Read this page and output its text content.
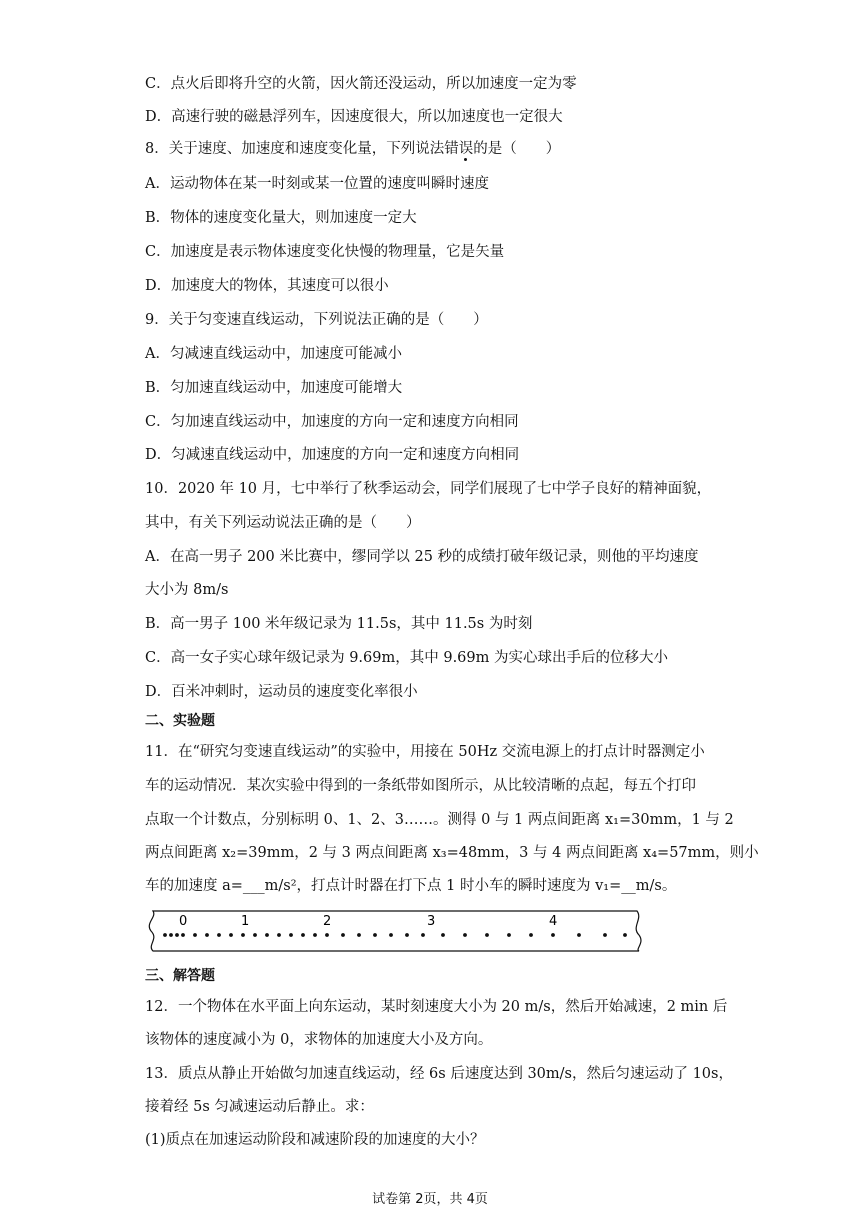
C．点火后即将升空的火箭，因火箭还没运动，所以加速度一定为零
D．高速行驶的磁悬浮列车，因速度很大，所以加速度也一定很大
8．关于速度、加速度和速度变化量，下列说法错误的是（　　）
A．运动物体在某一时刻或某一位置的速度叫瞬时速度
B．物体的速度变化量大，则加速度一定大
C．加速度是表示物体速度变化快慢的物理量，它是矢量
D．加速度大的物体，其速度可以很小
9．关于匀变速直线运动，下列说法正确的是（　　）
A．匀减速直线运动中，加速度可能减小
B．匀加速直线运动中，加速度可能增大
C．匀加速直线运动中，加速度的方向一定和速度方向相同
D．匀减速直线运动中，加速度的方向一定和速度方向相同
10．2020 年 10 月，七中举行了秋季运动会，同学们展现了七中学子良好的精神面貌，
其中，有关下列运动说法正确的是（　　）
A．在高一男子 200 米比赛中，缪同学以 25 秒的成绩打破年级记录，则他的平均速度
大小为 8m/s
B．高一男子 100 米年级记录为 11.5s，其中 11.5s 为时刻
C．高一女子实心球年级记录为 9.69m，其中 9.69m 为实心球出手后的位移大小
D．百米冲刺时，运动员的速度变化率很小
二、实验题
11．在“研究匀变速直线运动”的实验中，用接在 50Hz 交流电源上的打点计时器测定小
车的运动情况．某次实验中得到的一条纸带如图所示，从比较清晰的点起，每五个打印
点取一个计数点，分别标明 0、1、2、3……。测得 0 与 1 两点间距离 x₁=30mm，1 与 2
两点间距离 x₂=39mm，2 与 3 两点间距离 x₃=48mm，3 与 4 两点间距离 x₄=57mm，则小
车的加速度 a=___m/s²，打点计时器在打下点 1 时小车的瞬时速度为 v₁=__m/s。
0	1	2	3	4
三、解答题
12．一个物体在水平面上向东运动，某时刻速度大小为 20 m/s，然后开始减速，2 min 后
该物体的速度减小为 0，求物体的加速度大小及方向。
13．质点从静止开始做匀加速直线运动，经 6s 后速度达到 30m/s，然后匀速运动了 10s，
接着经 5s 匀减速运动后静止。求：
(1)质点在加速运动阶段和减速阶段的加速度的大小？
试卷第 2页，共 4页
